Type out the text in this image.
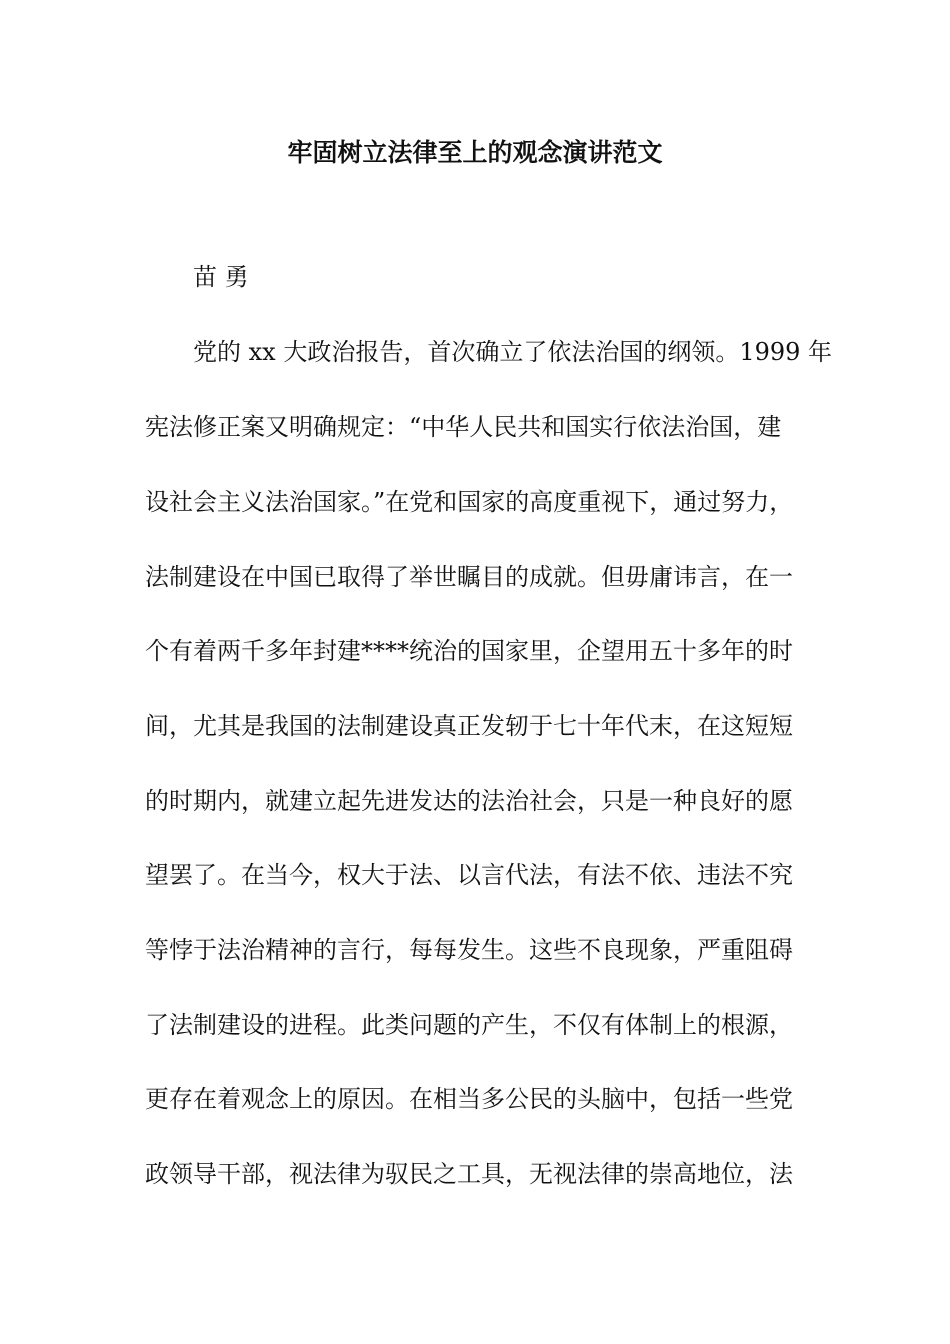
牢固树立法律至上的观念演讲范文
苗 勇
党的 xx 大政治报告，首次确立了依法治国的纲领。1999 年
宪法修正案又明确规定：“中华人民共和国实行依法治国，建
设社会主义法治国家。”在党和国家的高度重视下，通过努力，
法制建设在中国已取得了举世瞩目的成就。但毋庸讳言，在一
个有着两千多年封建****统治的国家里，企望用五十多年的时
间，尤其是我国的法制建设真正发轫于七十年代末，在这短短
的时期内，就建立起先进发达的法治社会，只是一种良好的愿
望罢了。在当今，权大于法、以言代法，有法不依、违法不究
等悖于法治精神的言行，每每发生。这些不良现象，严重阻碍
了法制建设的进程。此类问题的产生，不仅有体制上的根源，
更存在着观念上的原因。在相当多公民的头脑中，包括一些党
政领导干部，视法律为驭民之工具，无视法律的崇高地位，法
